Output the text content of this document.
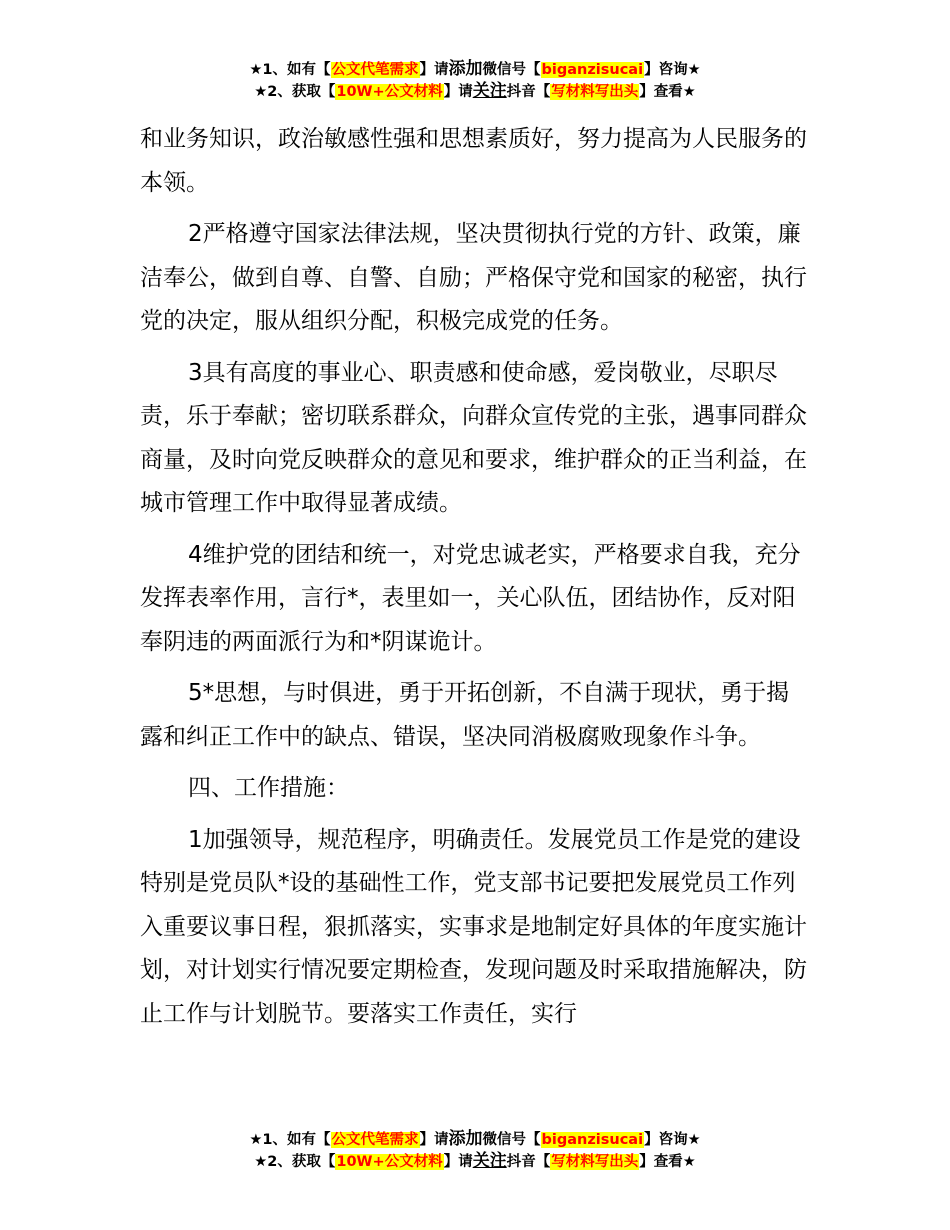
★1、如有【公文代笔需求】请添加微信号【biganzisucai】咨询★
★2、获取【10W+公文材料】请关注抖音【写材料写出头】查看★

和业务知识，政治敏感性强和思想素质好，努力提高为人民服务的本领。

2严格遵守国家法律法规，坚决贯彻执行党的方针、政策，廉洁奉公，做到自尊、自警、自励；严格保守党和国家的秘密，执行党的决定，服从组织分配，积极完成党的任务。

3具有高度的事业心、职责感和使命感，爱岗敬业，尽职尽责，乐于奉献；密切联系群众，向群众宣传党的主张，遇事同群众商量，及时向党反映群众的意见和要求，维护群众的正当利益，在城市管理工作中取得显著成绩。

4维护党的团结和统一，对党忠诚老实，严格要求自我，充分发挥表率作用，言行*，表里如一，关心队伍，团结协作，反对阳奉阴违的两面派行为和*阴谋诡计。

5*思想，与时俱进，勇于开拓创新，不自满于现状，勇于揭露和纠正工作中的缺点、错误，坚决同消极腐败现象作斗争。

四、工作措施：

1加强领导，规范程序，明确责任。发展党员工作是党的建设特别是党员队*设的基础性工作，党支部书记要把发展党员工作列入重要议事日程，狠抓落实，实事求是地制定好具体的年度实施计划，对计划实行情况要定期检查，发现问题及时采取措施解决，防止工作与计划脱节。要落实工作责任，实行

★1、如有【公文代笔需求】请添加微信号【biganzisucai】咨询★
★2、获取【10W+公文材料】请关注抖音【写材料写出头】查看★
